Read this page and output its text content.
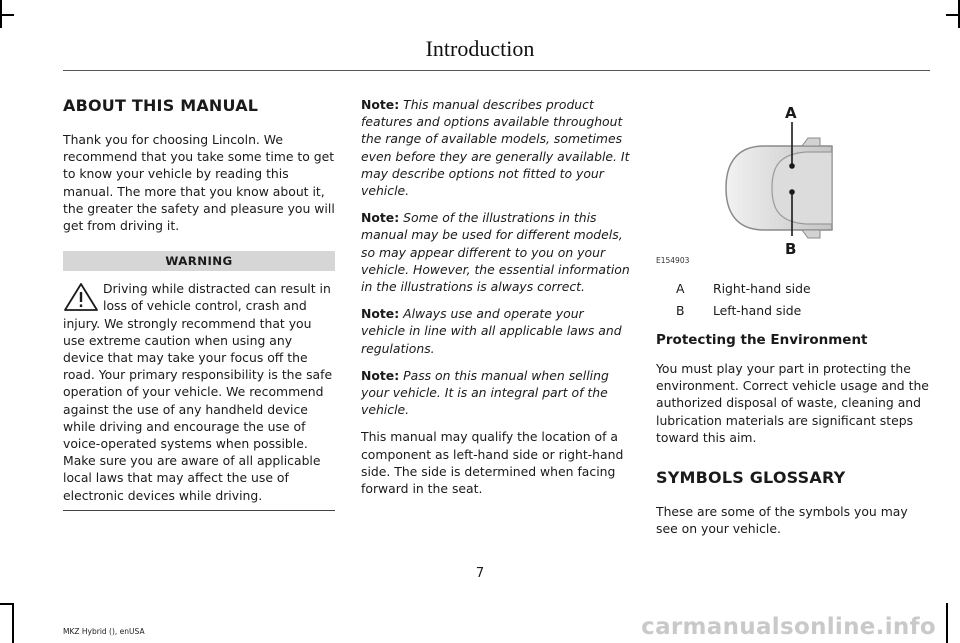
Introduction
ABOUT THIS MANUAL

Thank you for choosing Lincoln. We recommend that you take some time to get to know your vehicle by reading this manual. The more that you know about it, the greater the safety and pleasure you will get from driving it.

WARNING
Driving while distracted can result in loss of vehicle control, crash and injury. We strongly recommend that you use extreme caution when using any device that may take your focus off the road. Your primary responsibility is the safe operation of your vehicle. We recommend against the use of any handheld device while driving and encourage the use of voice-operated systems when possible. Make sure you are aware of all applicable local laws that may affect the use of electronic devices while driving.

Note: This manual describes product features and options available throughout the range of available models, sometimes even before they are generally available. It may describe options not fitted to your vehicle.

Note: Some of the illustrations in this manual may be used for different models, so may appear different to you on your vehicle. However, the essential information in the illustrations is always correct.

Note: Always use and operate your vehicle in line with all applicable laws and regulations.

Note: Pass on this manual when selling your vehicle. It is an integral part of the vehicle.

This manual may qualify the location of a component as left-hand side or right-hand side. The side is determined when facing forward in the seat.

A
B
E154903
A	Right-hand side
B	Left-hand side
Protecting the Environment

You must play your part in protecting the environment. Correct vehicle usage and the authorized disposal of waste, cleaning and lubrication materials are significant steps toward this aim.

SYMBOLS GLOSSARY

These are some of the symbols you may see on your vehicle.

7
MKZ Hybrid (), enUSA	carmanualsonline.info
